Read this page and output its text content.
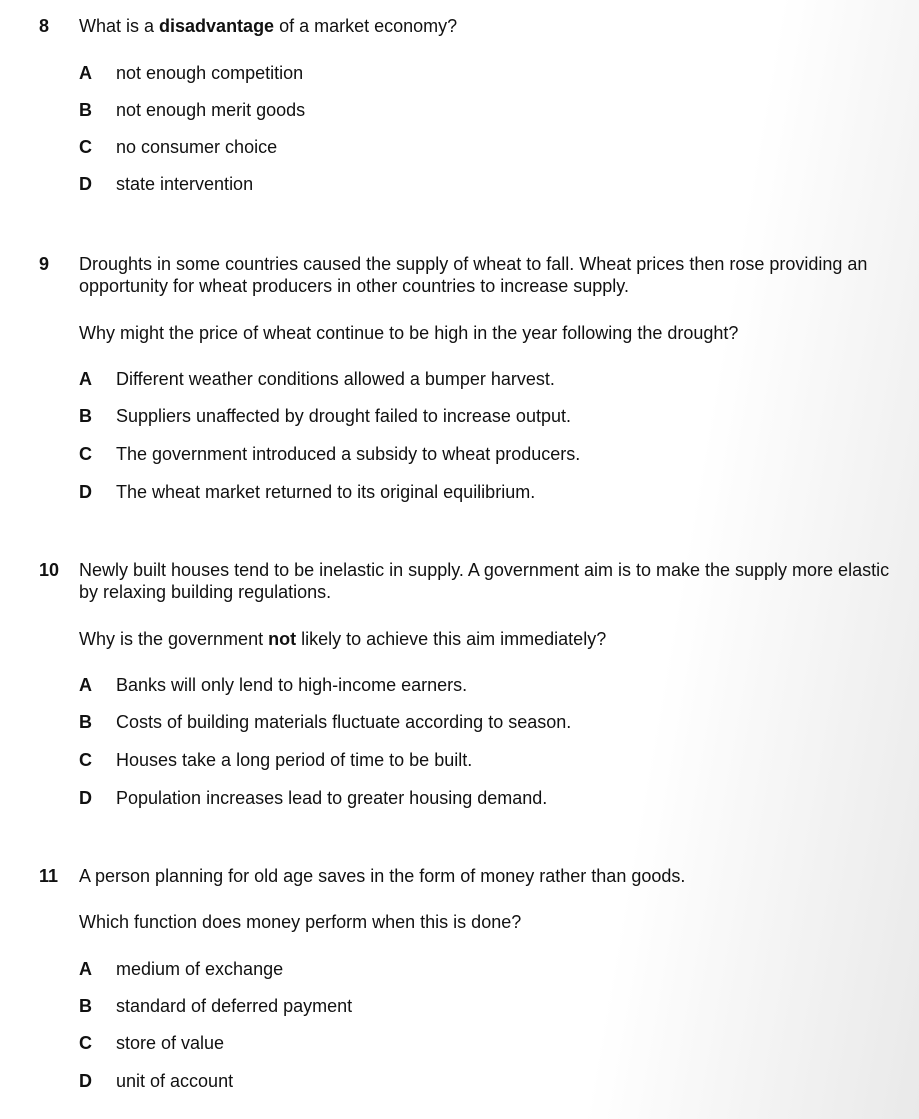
8 What is a disadvantage of a market economy?
A not enough competition
B not enough merit goods
C no consumer choice
D state intervention
9 Droughts in some countries caused the supply of wheat to fall. Wheat prices then rose providing an opportunity for wheat producers in other countries to increase supply.
Why might the price of wheat continue to be high in the year following the drought?
A Different weather conditions allowed a bumper harvest.
B Suppliers unaffected by drought failed to increase output.
C The government introduced a subsidy to wheat producers.
D The wheat market returned to its original equilibrium.
10 Newly built houses tend to be inelastic in supply. A government aim is to make the supply more elastic by relaxing building regulations.
Why is the government not likely to achieve this aim immediately?
A Banks will only lend to high-income earners.
B Costs of building materials fluctuate according to season.
C Houses take a long period of time to be built.
D Population increases lead to greater housing demand.
11 A person planning for old age saves in the form of money rather than goods.
Which function does money perform when this is done?
A medium of exchange
B standard of deferred payment
C store of value
D unit of account
